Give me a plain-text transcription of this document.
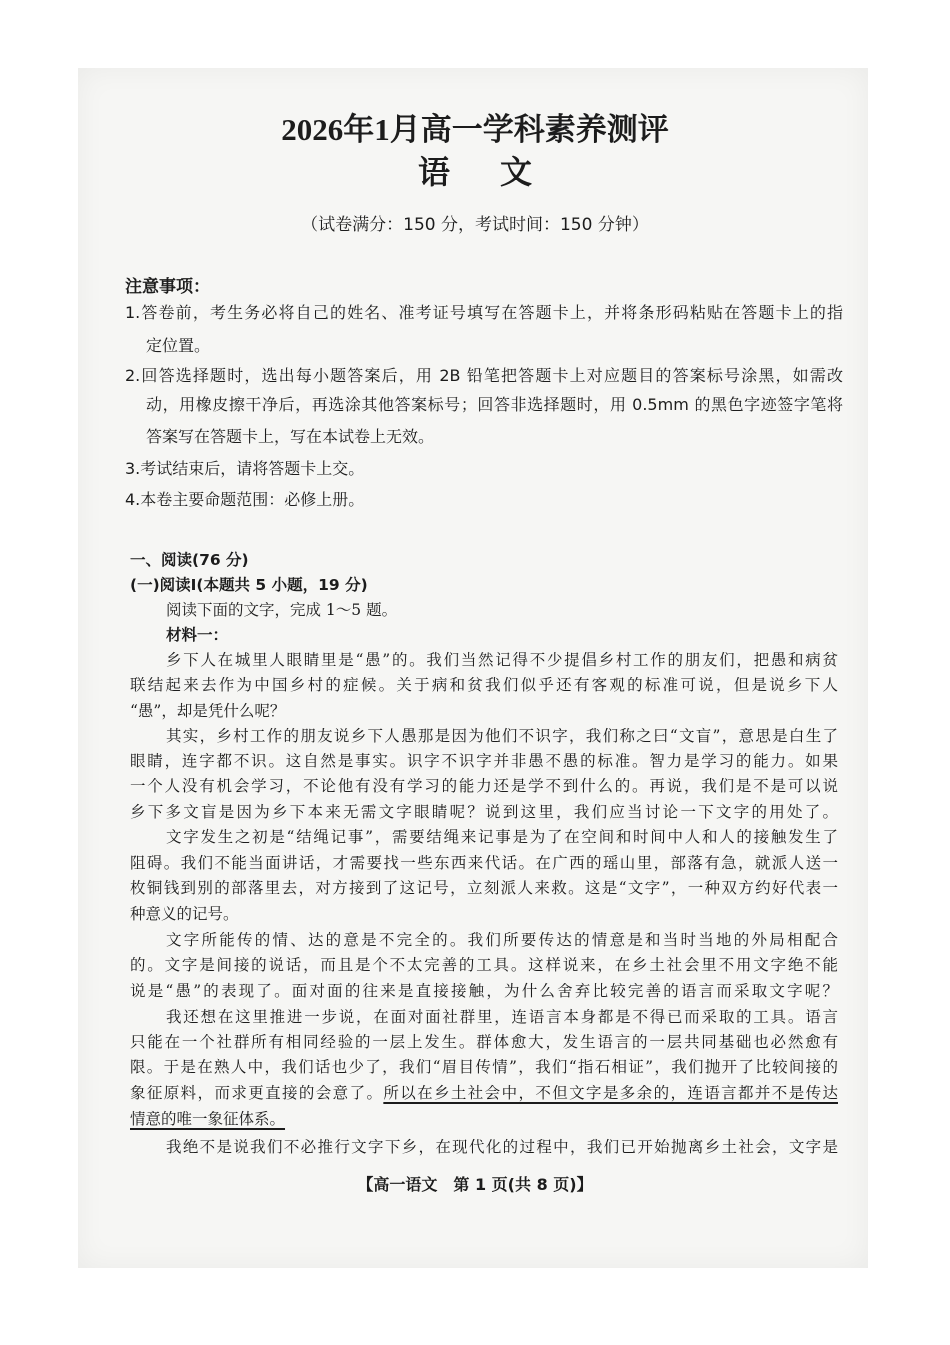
2026年1月高一学科素养测评
语文

（试卷满分：150 分，考试时间：150 分钟）

注意事项：

1.答卷前，考生务必将自己的姓名、准考证号填写在答题卡上，并将条形码粘贴在答题卡上的指

定位置。

2.回答选择题时，选出每小题答案后，用 2B 铅笔把答题卡上对应题目的答案标号涂黑，如需改

动，用橡皮擦干净后，再选涂其他答案标号；回答非选择题时，用 0.5mm 的黑色字迹签字笔将

答案写在答题卡上，写在本试卷上无效。

3.考试结束后，请将答题卡上交。

4.本卷主要命题范围：必修上册。

一、阅读(76 分)

(一)阅读Ⅰ(本题共 5 小题，19 分)

阅读下面的文字，完成 1～5 题。

材料一：

乡下人在城里人眼睛里是“愚”的。我们当然记得不少提倡乡村工作的朋友们，把愚和病贫

联结起来去作为中国乡村的症候。关于病和贫我们似乎还有客观的标准可说，但是说乡下人

“愚”，却是凭什么呢？

其实，乡村工作的朋友说乡下人愚那是因为他们不识字，我们称之曰“文盲”，意思是白生了

眼睛，连字都不识。这自然是事实。识字不识字并非愚不愚的标准。智力是学习的能力。如果

一个人没有机会学习，不论他有没有学习的能力还是学不到什么的。再说，我们是不是可以说

乡下多文盲是因为乡下本来无需文字眼睛呢？说到这里，我们应当讨论一下文字的用处了。

文字发生之初是“结绳记事”，需要结绳来记事是为了在空间和时间中人和人的接触发生了

阻碍。我们不能当面讲话，才需要找一些东西来代话。在广西的瑶山里，部落有急，就派人送一

枚铜钱到别的部落里去，对方接到了这记号，立刻派人来救。这是“文字”，一种双方约好代表一

种意义的记号。

文字所能传的情、达的意是不完全的。我们所要传达的情意是和当时当地的外局相配合

的。文字是间接的说话，而且是个不太完善的工具。这样说来，在乡土社会里不用文字绝不能

说是“愚”的表现了。面对面的往来是直接接触，为什么舍弃比较完善的语言而采取文字呢？

我还想在这里推进一步说，在面对面社群里，连语言本身都是不得已而采取的工具。语言

只能在一个社群所有相同经验的一层上发生。群体愈大，发生语言的一层共同基础也必然愈有

限。于是在熟人中，我们话也少了，我们“眉目传情”，我们“指石相证”，我们抛开了比较间接的

象征原料，而求更直接的会意了。所以在乡土社会中，不但文字是多余的，连语言都并不是传达

情意的唯一象征体系。

我绝不是说我们不必推行文字下乡，在现代化的过程中，我们已开始抛离乡土社会，文字是

【高一语文　第 1 页(共 8 页)】
